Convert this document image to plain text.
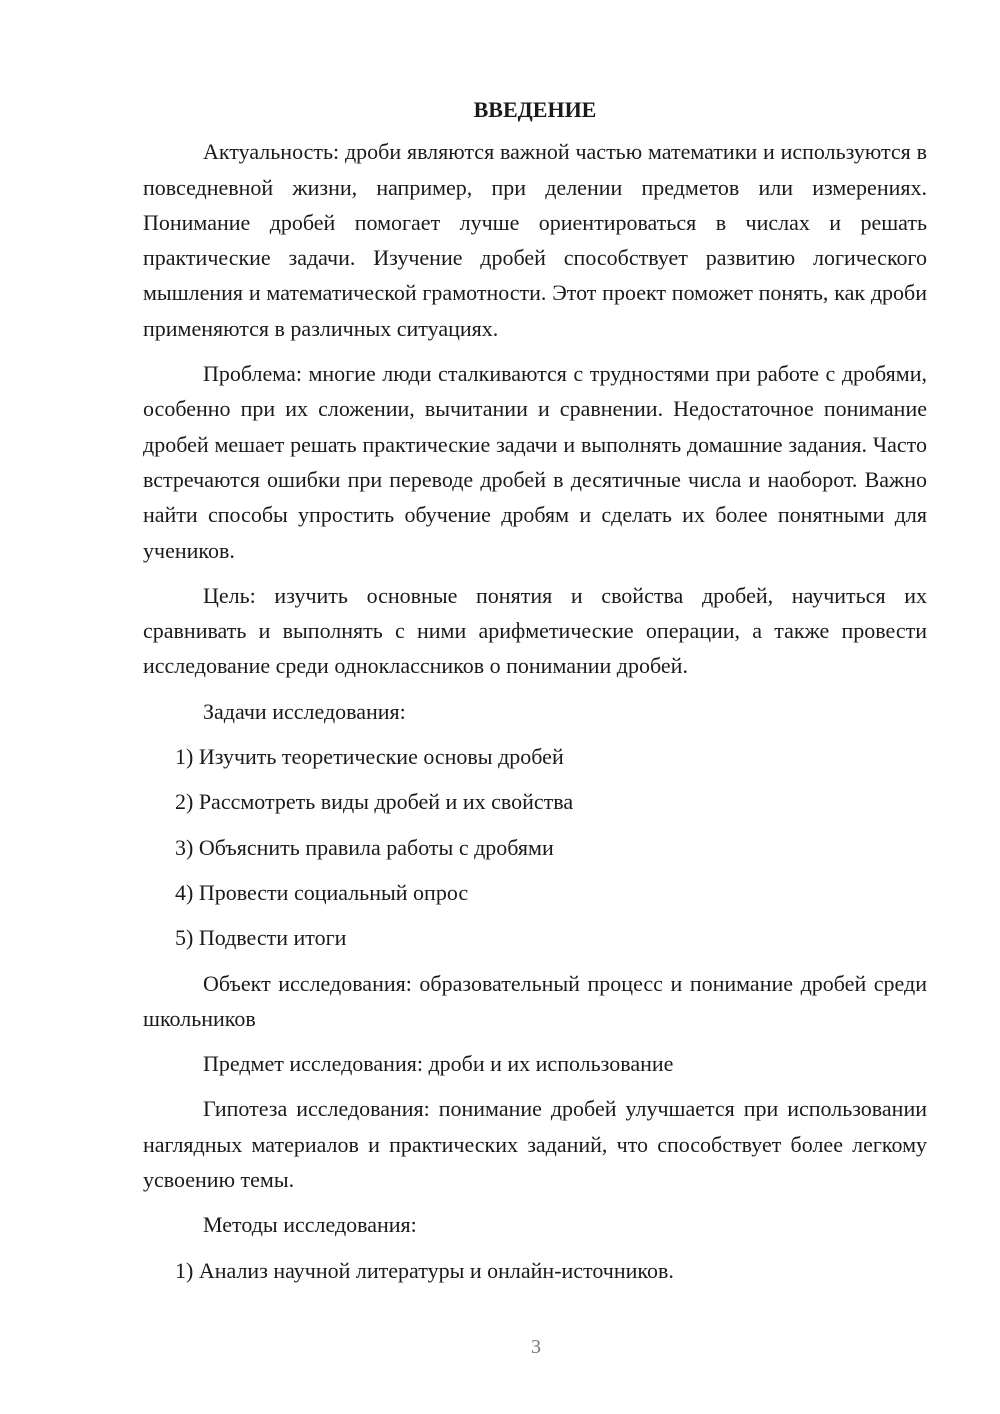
ВВЕДЕНИЕ

Актуальность: дроби являются важной частью математики и используются в повседневной жизни, например, при делении предметов или измерениях. Понимание дробей помогает лучше ориентироваться в числах и решать практические задачи. Изучение дробей способствует развитию логического мышления и математической грамотности. Этот проект поможет понять, как дроби применяются в различных ситуациях.

Проблема: многие люди сталкиваются с трудностями при работе с дробями, особенно при их сложении, вычитании и сравнении. Недостаточное понимание дробей мешает решать практические задачи и выполнять домашние задания. Часто встречаются ошибки при переводе дробей в десятичные числа и наоборот. Важно найти способы упростить обучение дробям и сделать их более понятными для учеников.

Цель: изучить основные понятия и свойства дробей, научиться их сравнивать и выполнять с ними арифметические операции, а также провести исследование среди одноклассников о понимании дробей.

Задачи исследования:
1) Изучить теоретические основы дробей
2) Рассмотреть виды дробей и их свойства
3) Объяснить правила работы с дробями
4) Провести социальный опрос
5) Подвести итоги

Объект исследования: образовательный процесс и понимание дробей среди школьников

Предмет исследования: дроби и их использование

Гипотеза исследования: понимание дробей улучшается при использовании наглядных материалов и практических заданий, что способствует более легкому усвоению темы.

Методы исследования:
1) Анализ научной литературы и онлайн-источников.
3
